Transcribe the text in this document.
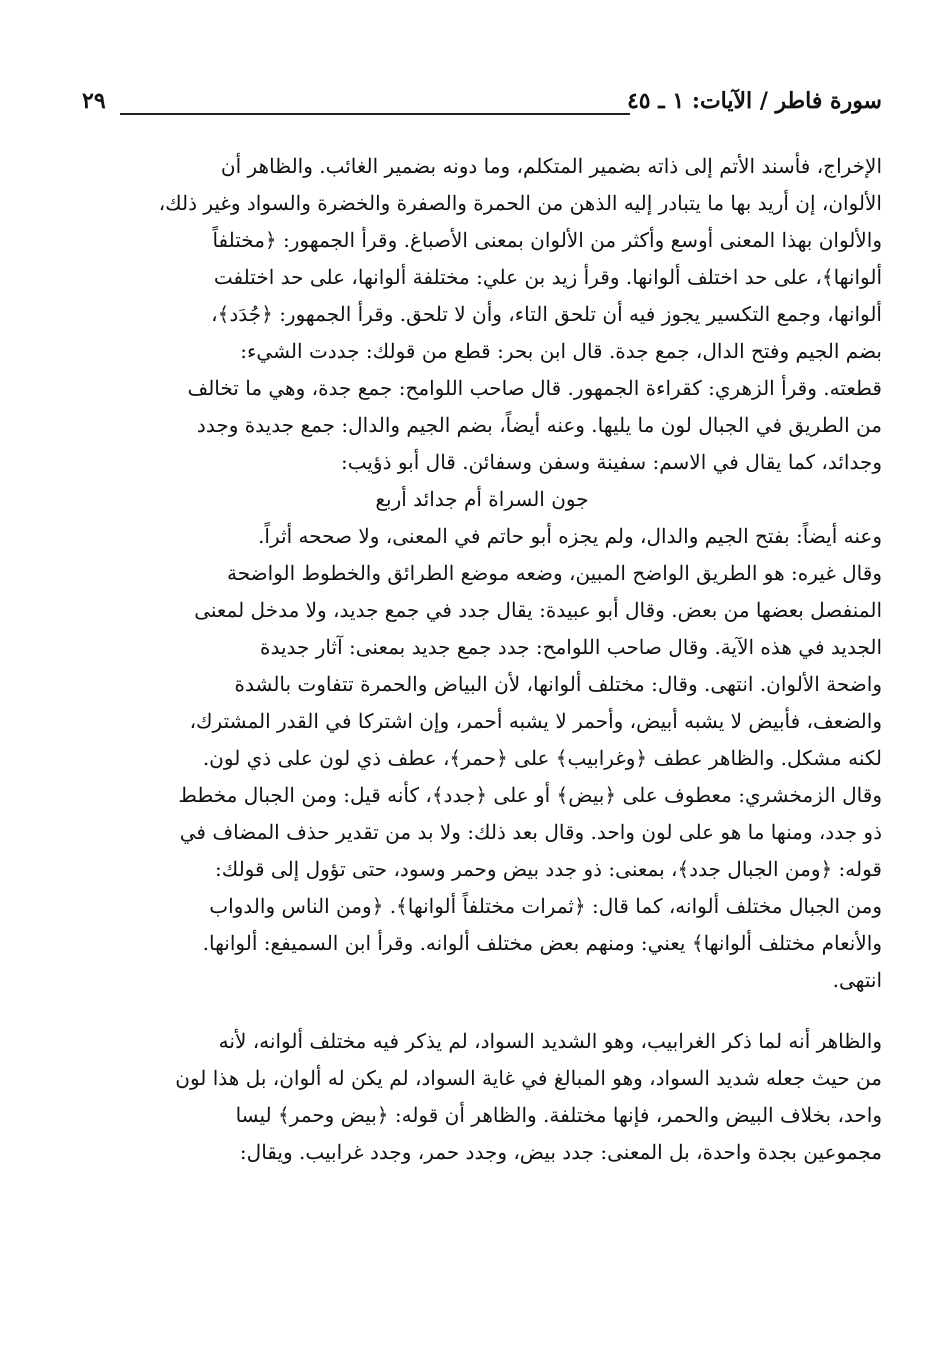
سورة فاطر / الآيات: ١ ـ ٤٥
٢٩
الإخراج، فأسند الأتم إلى ذاته بضمير المتكلم، وما دونه بضمير الغائب. والظاهر أن
الألوان، إن أريد بها ما يتبادر إليه الذهن من الحمرة والصفرة والخضرة والسواد وغير ذلك،
والألوان بهذا المعنى أوسع وأكثر من الألوان بمعنى الأصباغ. وقرأ الجمهور: ﴿مختلفاً
ألوانها﴾، على حد اختلف ألوانها. وقرأ زيد بن علي: مختلفة ألوانها، على حد اختلفت
ألوانها، وجمع التكسير يجوز فيه أن تلحق التاء، وأن لا تلحق. وقرأ الجمهور: ﴿جُدَد﴾،
بضم الجيم وفتح الدال، جمع جدة. قال ابن بحر: قطع من قولك: جددت الشيء:
قطعته. وقرأ الزهري: كقراءة الجمهور. قال صاحب اللوامح: جمع جدة، وهي ما تخالف
من الطريق في الجبال لون ما يليها. وعنه أيضاً، بضم الجيم والدال: جمع جديدة وجدد
وجدائد، كما يقال في الاسم: سفينة وسفن وسفائن. قال أبو ذؤيب:
جون السراة أم جدائد أربع
وعنه أيضاً: بفتح الجيم والدال، ولم يجزه أبو حاتم في المعنى، ولا صححه أثراً.
وقال غيره: هو الطريق الواضح المبين، وضعه موضع الطرائق والخطوط الواضحة
المنفصل بعضها من بعض. وقال أبو عبيدة: يقال جدد في جمع جديد، ولا مدخل لمعنى
الجديد في هذه الآية. وقال صاحب اللوامح: جدد جمع جديد بمعنى: آثار جديدة
واضحة الألوان. انتهى. وقال: مختلف ألوانها، لأن البياض والحمرة تتفاوت بالشدة
والضعف، فأبيض لا يشبه أبيض، وأحمر لا يشبه أحمر، وإن اشتركا في القدر المشترك،
لكنه مشكل. والظاهر عطف ﴿وغرابيب﴾ على ﴿حمر﴾، عطف ذي لون على ذي لون.
وقال الزمخشري: معطوف على ﴿بيض﴾ أو على ﴿جدد﴾، كأنه قيل: ومن الجبال مخطط
ذو جدد، ومنها ما هو على لون واحد. وقال بعد ذلك: ولا بد من تقدير حذف المضاف في
قوله: ﴿ومن الجبال جدد﴾، بمعنى: ذو جدد بيض وحمر وسود، حتى تؤول إلى قولك:
ومن الجبال مختلف ألوانه، كما قال: ﴿ثمرات مختلفاً ألوانها﴾. ﴿ومن الناس والدواب
والأنعام مختلف ألوانها﴾ يعني: ومنهم بعض مختلف ألوانه. وقرأ ابن السميفع: ألوانها.
انتهى.
والظاهر أنه لما ذكر الغرابيب، وهو الشديد السواد، لم يذكر فيه مختلف ألوانه، لأنه
من حيث جعله شديد السواد، وهو المبالغ في غاية السواد، لم يكن له ألوان، بل هذا لون
واحد، بخلاف البيض والحمر، فإنها مختلفة. والظاهر أن قوله: ﴿بيض وحمر﴾ ليسا
مجموعين بجدة واحدة، بل المعنى: جدد بيض، وجدد حمر، وجدد غرابيب. ويقال:
